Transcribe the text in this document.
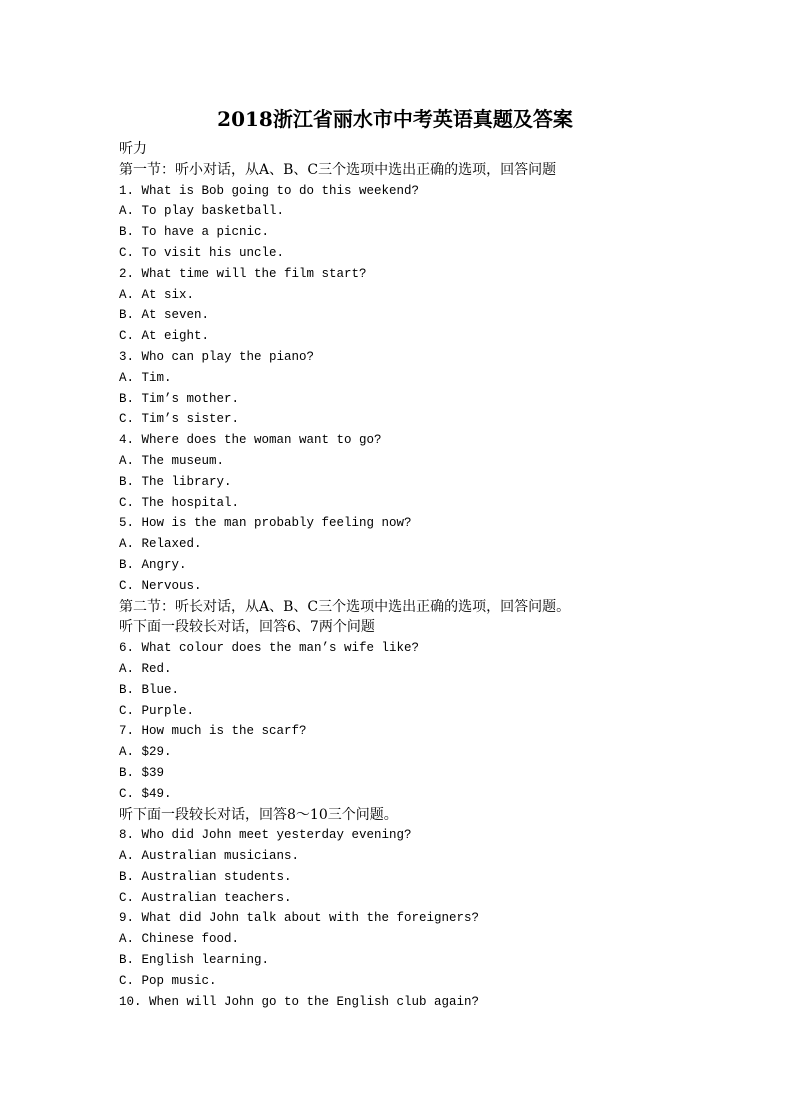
2018浙江省丽水市中考英语真题及答案
听力
第一节：听小对话，从A、B、C三个选项中选出正确的选项，回答问题
1. What is Bob going to do this weekend?
A. To play basketball.
B. To have a picnic.
C. To visit his uncle.
2. What time will the film start?
A. At six.
B. At seven.
C. At eight.
3. Who can play the piano?
A. Tim.
B. Tim’s mother.
C. Tim’s sister.
4. Where does the woman want to go?
A. The museum.
B. The library.
C. The hospital.
5. How is the man probably feeling now?
A. Relaxed.
B. Angry.
C. Nervous.
第二节：听长对话，从A、B、C三个选项中选出正确的选项，回答问题。
听下面一段较长对话，回答6、7两个问题
6. What colour does the man’s wife like?
A. Red.
B. Blue.
C. Purple.
7. How much is the scarf?
A. $29.
B. $39
C. $49.
听下面一段较长对话，回答8～10三个问题。
8. Who did John meet yesterday evening?
A. Australian musicians.
B. Australian students.
C. Australian teachers.
9. What did John talk about with the foreigners?
A. Chinese food.
B. English learning.
C. Pop music.
10. When will John go to the English club again?
